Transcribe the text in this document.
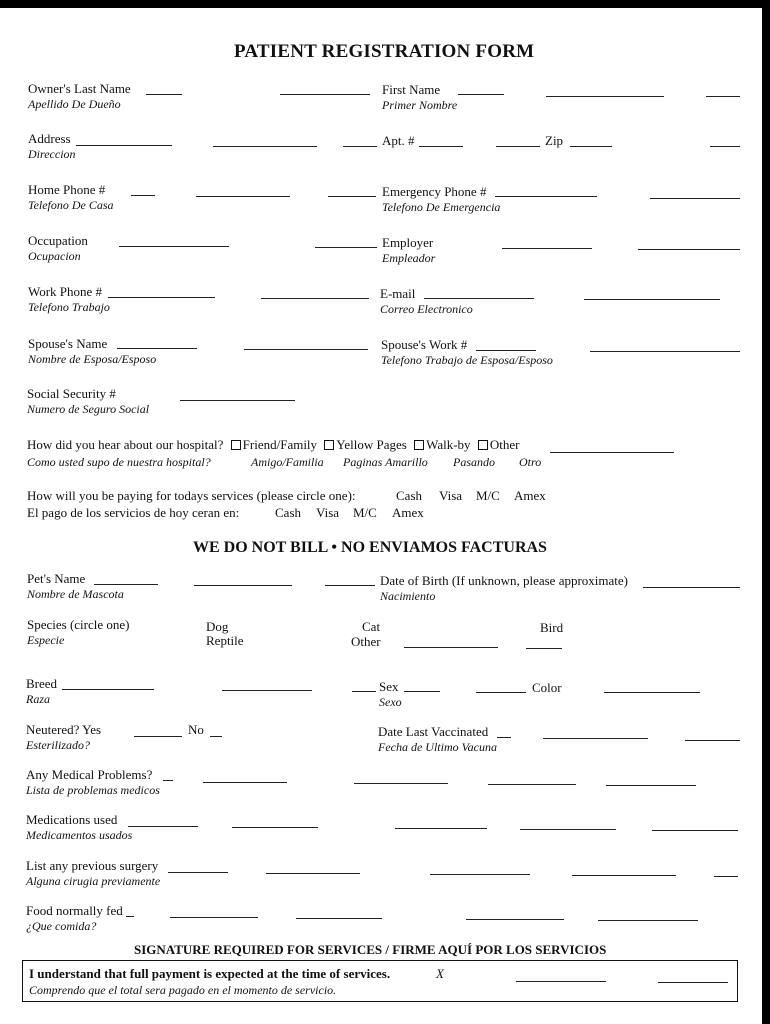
PATIENT REGISTRATION FORM
Owner's Last Name
Apellido De Dueño
First Name
Primer Nombre
Address
Direccion
Apt. #	Zip
Home Phone #
Telefono De Casa
Emergency Phone #
Telefono De Emergencia
Occupation
Ocupacion
Employer
Empleador
Work Phone #
Telefono Trabajo
E-mail
Correo Electronico
Spouse's Name
Nombre de Esposa/Esposo
Spouse's Work #
Telefono Trabajo de Esposa/Esposo
Social Security #
Numero de Seguro Social
How did you hear about our hospital? Friend/Family Yellow Pages Walk-by Other
Como usted supo de nuestra hospital?	Amigo/Familia Paginas Amarillo Pasando Otro
How will you be paying for todays services (please circle one):	Cash Visa M/C Amex
El pago de los servicios de hoy ceran en:	Cash Visa M/C Amex
WE DO NOT BILL • NO ENVIAMOS FACTURAS
Pet's Name
Nombre de Mascota
Date of Birth (If unknown, please approximate)
Nacimiento
Species (circle one)
Especie
Dog	Cat	Bird
Reptile	Other
Breed
Raza
Sex
Sexo
Color
Neutered? Yes
Esterilizado?
No	Date Last Vaccinated
Fecha de Ultimo Vacuna
Any Medical Problems?
Lista de problemas medicos
Medications used
Medicamentos usados
List any previous surgery
Alguna cirugia previamente
Food normally fed
¿Que comida?
SIGNATURE REQUIRED FOR SERVICES / FIRME AQUÍ POR LOS SERVICIOS
I understand that full payment is expected at the time of services.	X
Comprendo que el total sera pagado en el momento de servicio.
